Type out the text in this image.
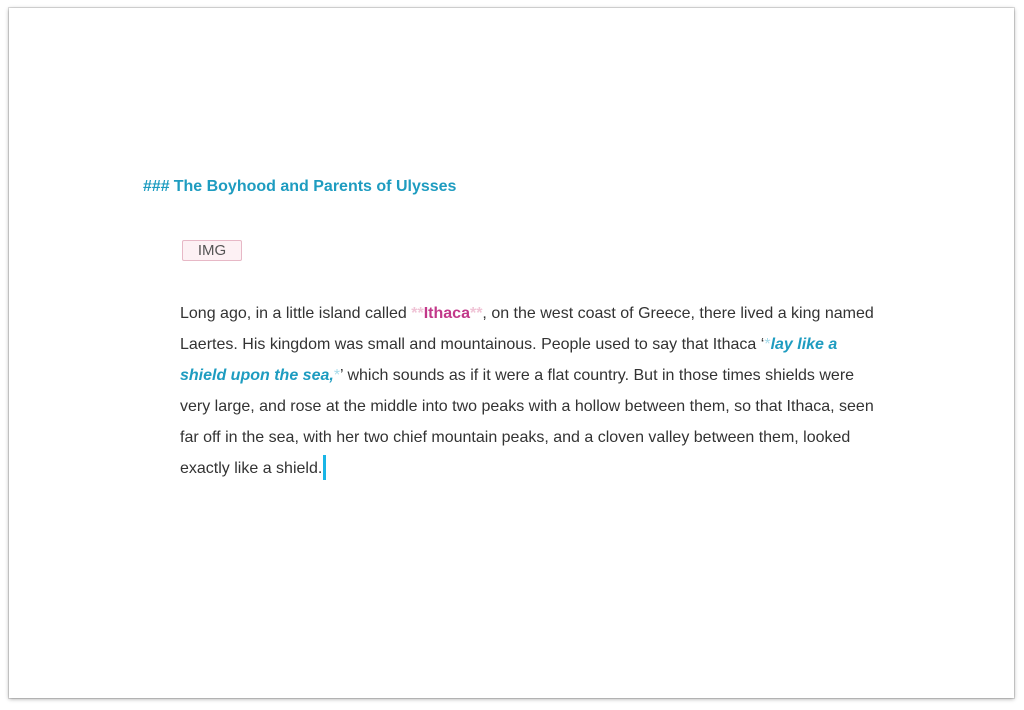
### The Boyhood and Parents of Ulysses
IMG
Long ago, in a little island called **Ithaca**, on the west coast of Greece, there lived a king named Laertes. His kingdom was small and mountainous. People used to say that Ithaca ‘*lay like a shield upon the sea,*’ which sounds as if it were a flat country. But in those times shields were very large, and rose at the middle into two peaks with a hollow between them, so that Ithaca, seen far off in the sea, with her two chief mountain peaks, and a cloven valley between them, looked exactly like a shield.
